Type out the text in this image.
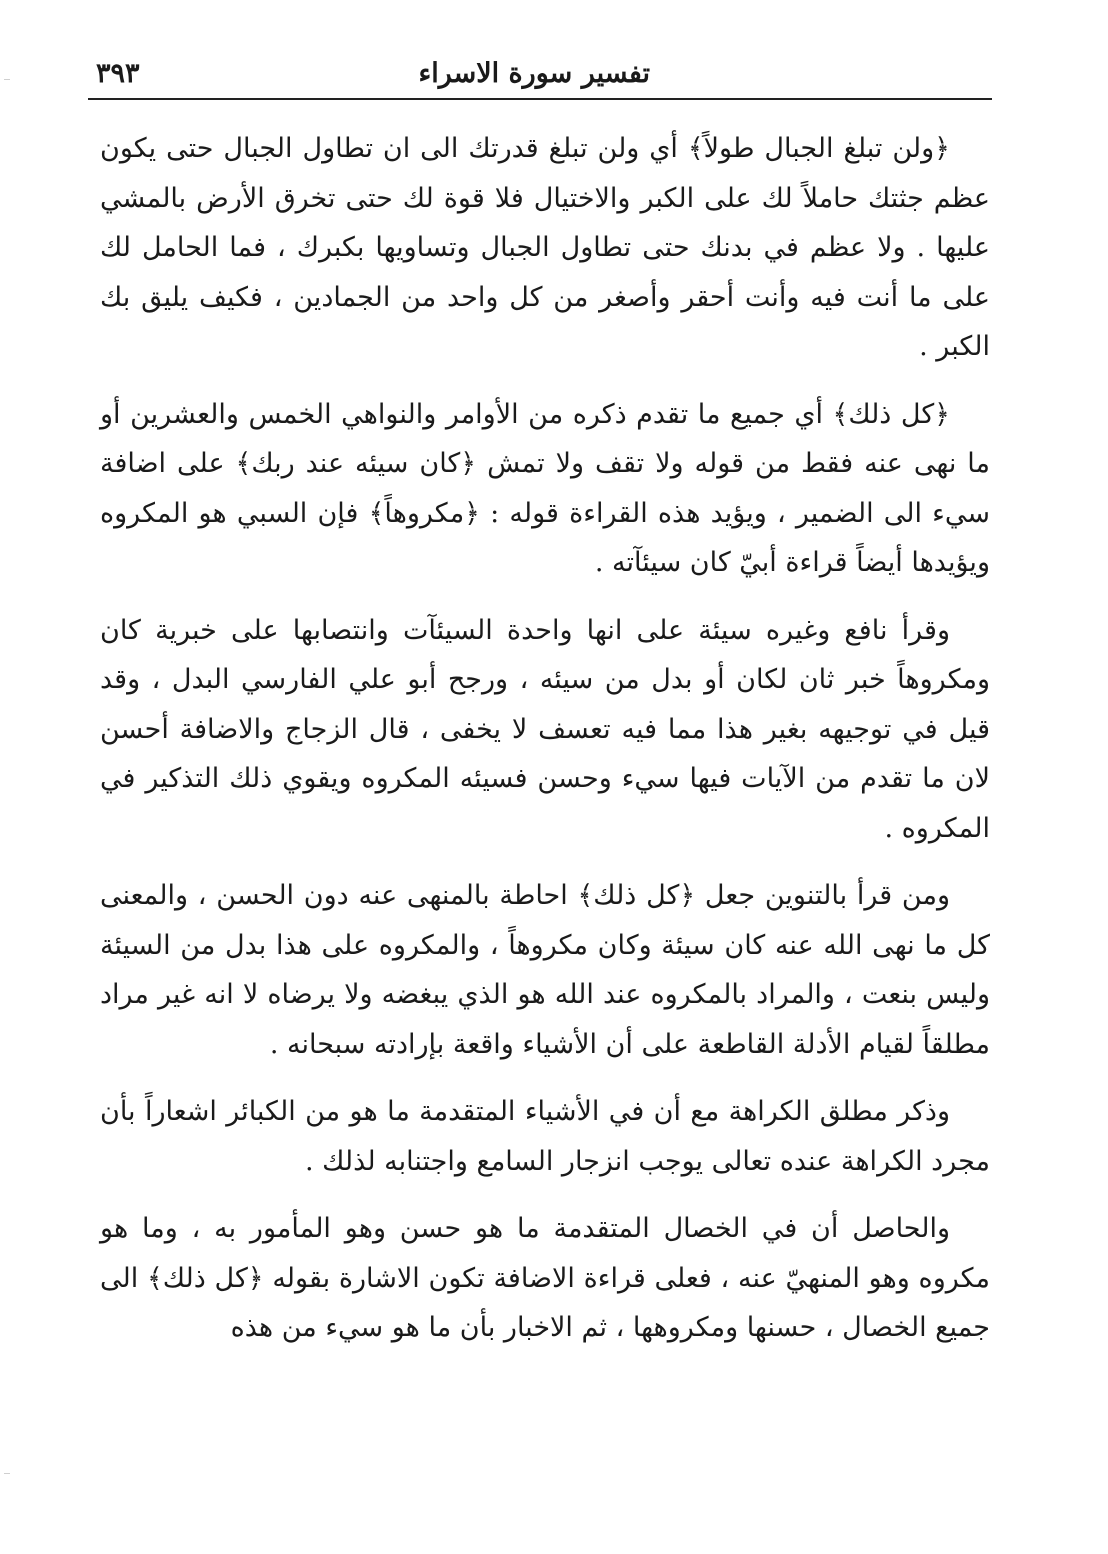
تفسير سورة الاسراء
٣٩٣

﴿ولن تبلغ الجبال طولاً﴾ أي ولن تبلغ قدرتك الى ان تطاول الجبال حتى يكون عظم جثتك حاملاً لك على الكبر والاختيال فلا قوة لك حتى تخرق الأرض بالمشي عليها . ولا عظم في بدنك حتى تطاول الجبال وتساويها بكبرك ، فما الحامل لك على ما أنت فيه وأنت أحقر وأصغر من كل واحد من الجمادين ، فكيف يليق بك الكبر .

﴿كل ذلك﴾ أي جميع ما تقدم ذكره من الأوامر والنواهي الخمس والعشرين أو ما نهى عنه فقط من قوله ولا تقف ولا تمش ﴿كان سيئه عند ربك﴾ على اضافة سيء الى الضمير ، ويؤيد هذه القراءة قوله : ﴿مكروهاً﴾ فإن السبي هو المكروه ويؤيدها أيضاً قراءة أبيّ كان سيئآته .

وقرأ نافع وغيره سيئة على انها واحدة السيئآت وانتصابها على خبرية كان ومكروهاً خبر ثان لكان أو بدل من سيئه ، ورجح أبو علي الفارسي البدل ، وقد قيل في توجيهه بغير هذا مما فيه تعسف لا يخفى ، قال الزجاج والاضافة أحسن لان ما تقدم من الآيات فيها سيء وحسن فسيئه المكروه ويقوي ذلك التذكير في المكروه .

ومن قرأ بالتنوين جعل ﴿كل ذلك﴾ احاطة بالمنهى عنه دون الحسن ، والمعنى كل ما نهى الله عنه كان سيئة وكان مكروهاً ، والمكروه على هذا بدل من السيئة وليس بنعت ، والمراد بالمكروه عند الله هو الذي يبغضه ولا يرضاه لا انه غير مراد مطلقاً لقيام الأدلة القاطعة على أن الأشياء واقعة بإرادته سبحانه .

وذكر مطلق الكراهة مع أن في الأشياء المتقدمة ما هو من الكبائر اشعاراً بأن مجرد الكراهة عنده تعالى يوجب انزجار السامع واجتنابه لذلك .

والحاصل أن في الخصال المتقدمة ما هو حسن وهو المأمور به ، وما هو مكروه وهو المنهيّ عنه ، فعلى قراءة الاضافة تكون الاشارة بقوله ﴿كل ذلك﴾ الى جميع الخصال ، حسنها ومكروهها ، ثم الاخبار بأن ما هو سيء من هذه
